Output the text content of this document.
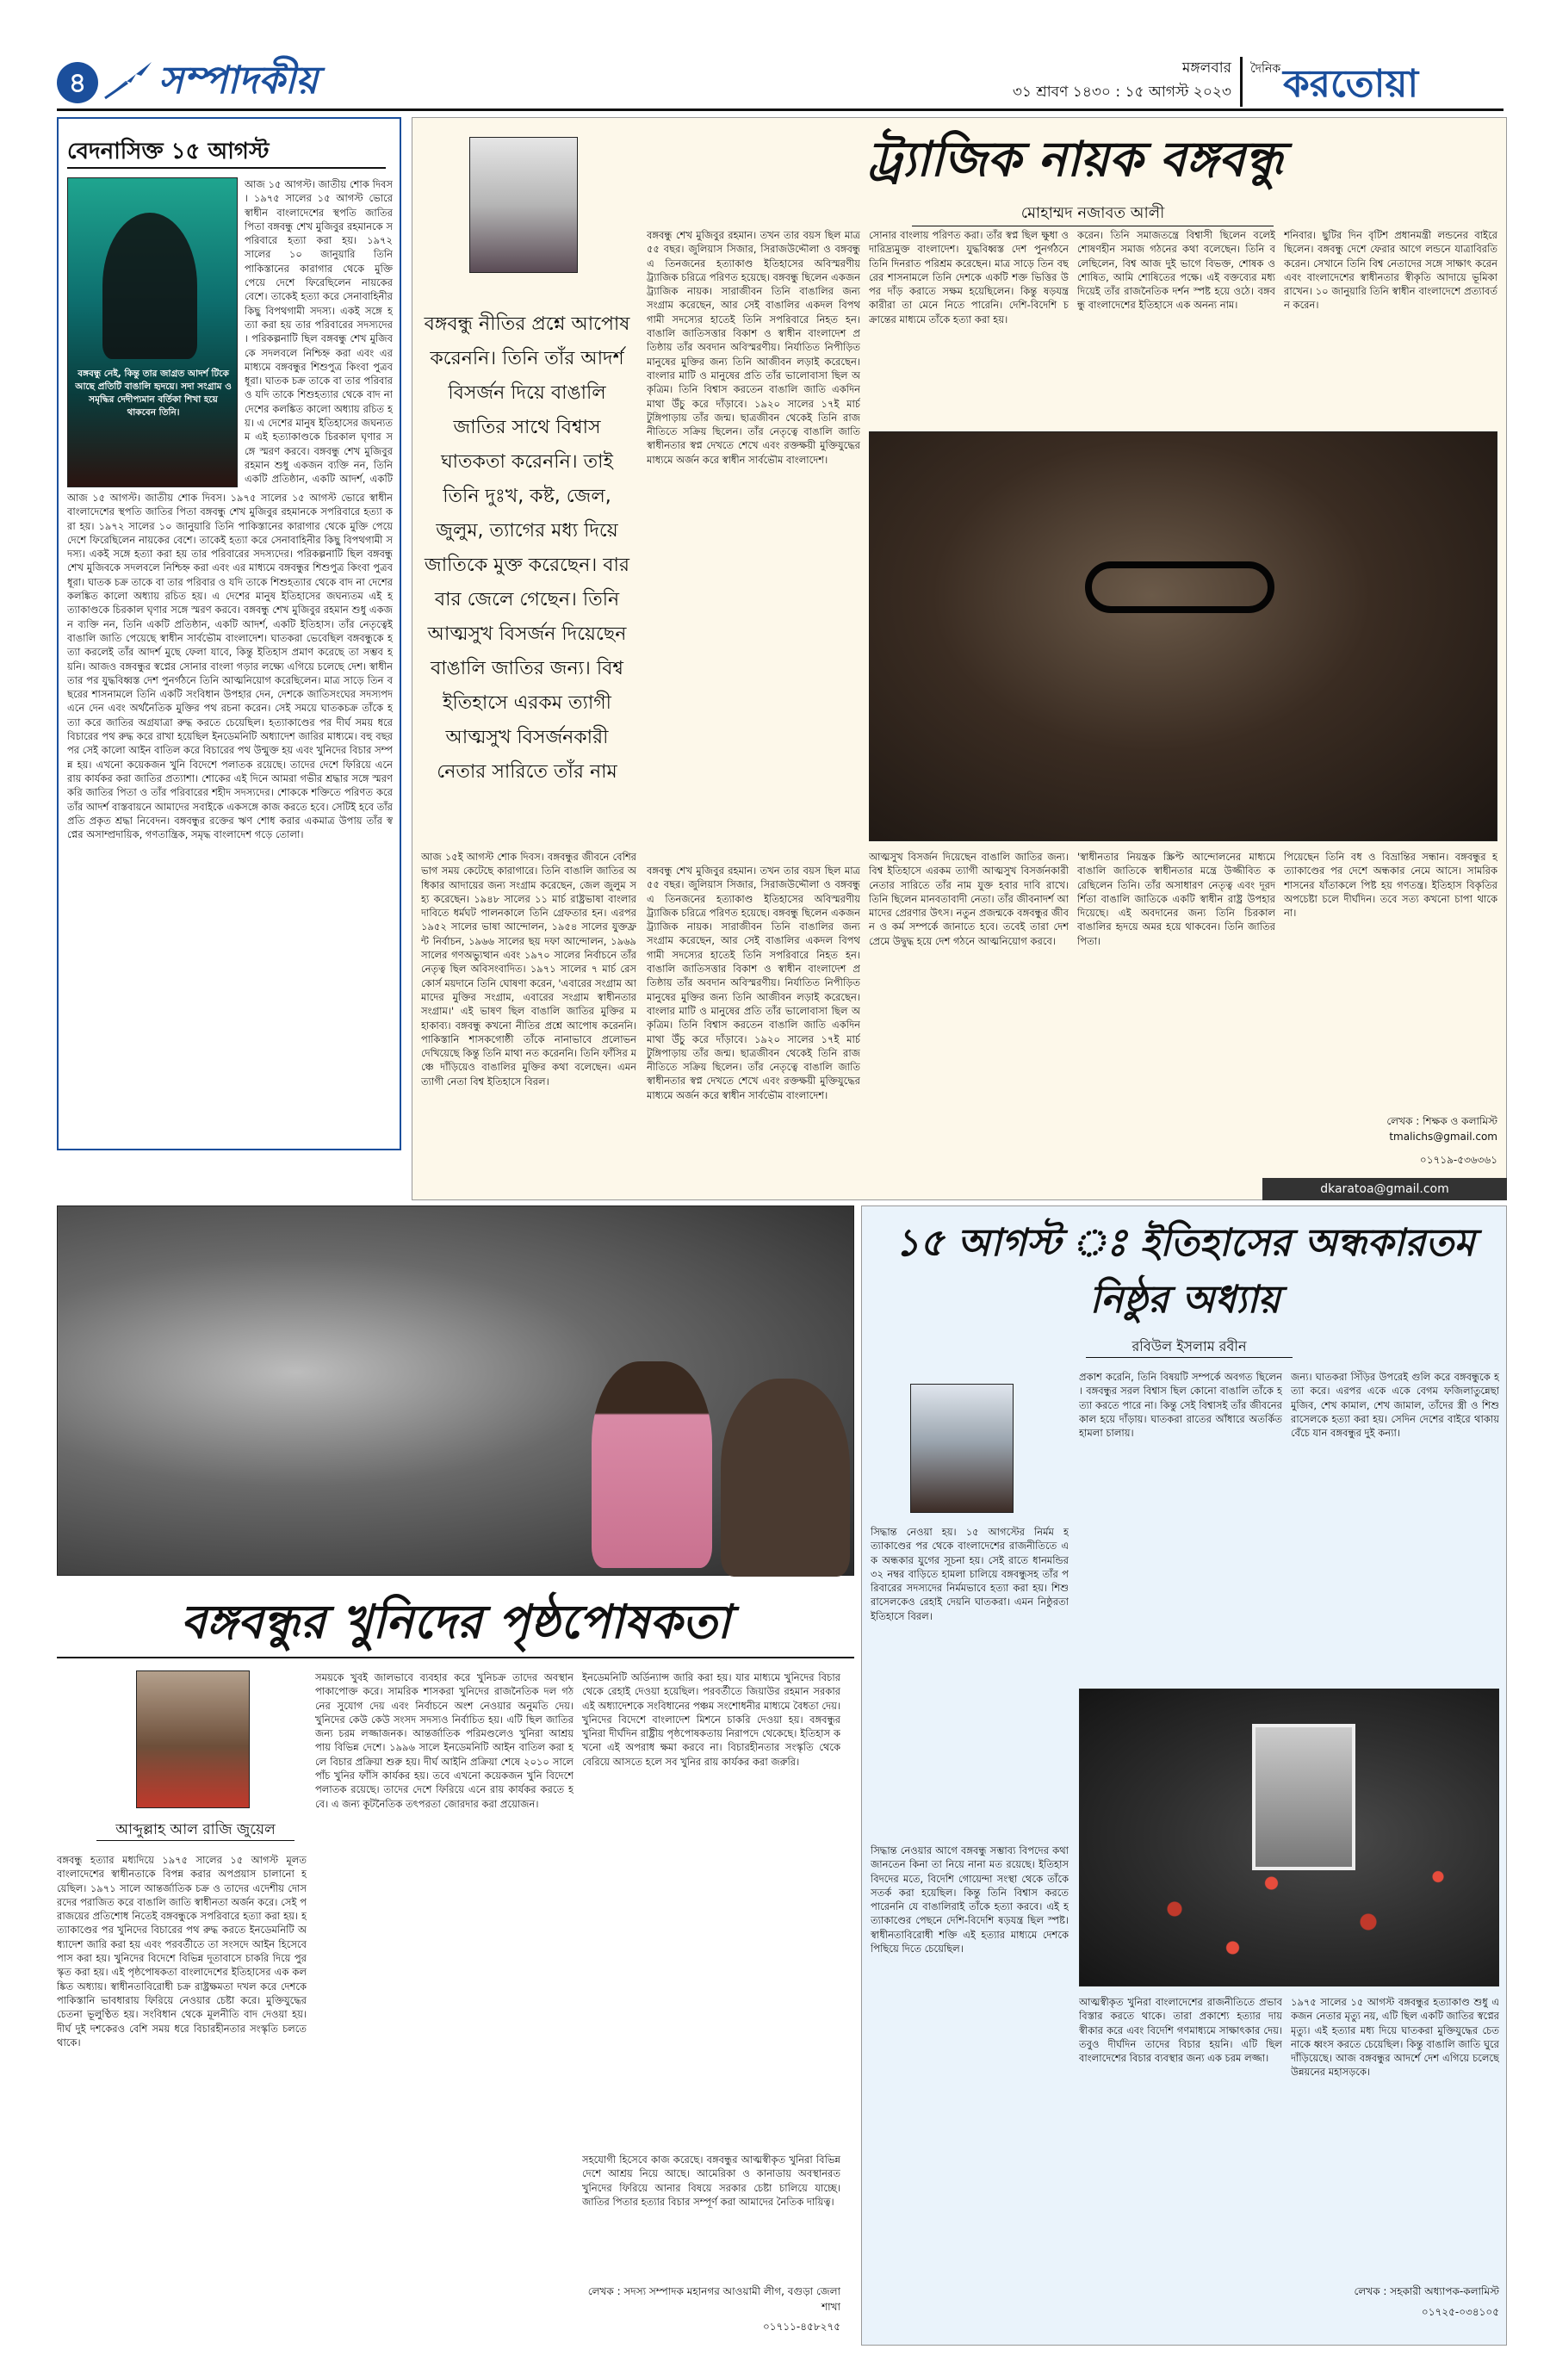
৪	সম্পাদকীয়	মঙ্গলবার
৩১ শ্রাবণ ১৪৩০ : ১৫ আগস্ট ২০২৩
দৈনিক করতোয়া
বেদনাসিক্ত ১৫ আগস্ট
বঙ্গবন্ধু নেই, কিন্তু তার জাগ্রত আদর্শ টিকে আছে প্রতিটি বাঙালি হৃদয়ে। সদা সংগ্রাম ও সমৃদ্ধির দেদীপ্যমান বর্তিকা শিখা হয়ে থাকবেন তিনি।
আজ ১৫ আগস্ট। জাতীয় শোক দিবস। ১৯৭৫ সালের ১৫ আগস্ট ভোরে স্বাধীন বাংলাদেশের স্থপতি জাতির পিতা বঙ্গবন্ধু শেখ মুজিবুর রহমানকে সপরিবারে হত্যা করা হয়। ১৯৭২ সালের ১০ জানুয়ারি তিনি পাকিস্তানের কারাগার থেকে মুক্তি পেয়ে দেশে ফিরেছিলেন নায়কের বেশে। তাকেই হত্যা করে সেনাবাহিনীর কিছু বিপথগামী সদস্য। একই সঙ্গে হত্যা করা হয় তার পরিবারের সদস্যদের। পরিকল্পনাটি ছিল বঙ্গবন্ধু শেখ মুজিবকে সদলবলে নিশ্চিহ্ন করা এবং এর মাধ্যমে বঙ্গবন্ধুর শিশুপুত্র কিংবা পুত্রবধূরা। ঘাতক চক্র তাকে বা তার পরিবার ও যদি তাকে শিশুহত্যার থেকে বাদ না দেশের কলঙ্কিত কালো অধ্যায় রচিত হয়। এ দেশের মানুষ ইতিহাসের জঘন্যতম এই হত্যাকাণ্ডকে চিরকাল ঘৃণার সঙ্গে স্মরণ করবে। বঙ্গবন্ধু শেখ মুজিবুর রহমান শুধু একজন ব্যক্তি নন, তিনি একটি প্রতিষ্ঠান, একটি আদর্শ, একটি
আজ ১৫ আগস্ট। জাতীয় শোক দিবস। ১৯৭৫ সালের ১৫ আগস্ট ভোরে স্বাধীন বাংলাদেশের স্থপতি জাতির পিতা বঙ্গবন্ধু শেখ মুজিবুর রহমানকে সপরিবারে হত্যা করা হয়। ১৯৭২ সালের ১০ জানুয়ারি তিনি পাকিস্তানের কারাগার থেকে মুক্তি পেয়ে দেশে ফিরেছিলেন নায়কের বেশে। তাকেই হত্যা করে সেনাবাহিনীর কিছু বিপথগামী সদস্য। একই সঙ্গে হত্যা করা হয় তার পরিবারের সদস্যদের। পরিকল্পনাটি ছিল বঙ্গবন্ধু শেখ মুজিবকে সদলবলে নিশ্চিহ্ন করা এবং এর মাধ্যমে বঙ্গবন্ধুর শিশুপুত্র কিংবা পুত্রবধূরা। ঘাতক চক্র তাকে বা তার পরিবার ও যদি তাকে শিশুহত্যার থেকে বাদ না দেশের কলঙ্কিত কালো অধ্যায় রচিত হয়। এ দেশের মানুষ ইতিহাসের জঘন্যতম এই হত্যাকাণ্ডকে চিরকাল ঘৃণার সঙ্গে স্মরণ করবে। বঙ্গবন্ধু শেখ মুজিবুর রহমান শুধু একজন ব্যক্তি নন, তিনি একটি প্রতিষ্ঠান, একটি আদর্শ, একটি ইতিহাস। তাঁর নেতৃত্বেই বাঙালি জাতি পেয়েছে স্বাধীন সার্বভৌম বাংলাদেশ। ঘাতকরা ভেবেছিল বঙ্গবন্ধুকে হত্যা করলেই তাঁর আদর্শ মুছে ফেলা যাবে, কিন্তু ইতিহাস প্রমাণ করেছে তা সম্ভব হয়নি। আজও বঙ্গবন্ধুর স্বপ্নের সোনার বাংলা গড়ার লক্ষ্যে এগিয়ে চলেছে দেশ। স্বাধীনতার পর যুদ্ধবিধ্বস্ত দেশ পুনর্গঠনে তিনি আত্মনিয়োগ করেছিলেন। মাত্র সাড়ে তিন বছরের শাসনামলে তিনি একটি সংবিধান উপহার দেন, দেশকে জাতিসংঘের সদস্যপদ এনে দেন এবং অর্থনৈতিক মুক্তির পথ রচনা করেন। সেই সময়ে ঘাতকচক্র তাঁকে হত্যা করে জাতির অগ্রযাত্রা রুদ্ধ করতে চেয়েছিল। হত্যাকাণ্ডের পর দীর্ঘ সময় ধরে বিচারের পথ রুদ্ধ করে রাখা হয়েছিল ইনডেমনিটি অধ্যাদেশ জারির মাধ্যমে। বহু বছর পর সেই কালো আইন বাতিল করে বিচারের পথ উন্মুক্ত হয় এবং খুনিদের বিচার সম্পন্ন হয়। এখনো কয়েকজন খুনি বিদেশে পলাতক রয়েছে। তাদের দেশে ফিরিয়ে এনে রায় কার্যকর করা জাতির প্রত্যাশা। শোকের এই দিনে আমরা গভীর শ্রদ্ধার সঙ্গে স্মরণ করি জাতির পিতা ও তাঁর পরিবারের শহীদ সদস্যদের। শোককে শক্তিতে পরিণত করে তাঁর আদর্শ বাস্তবায়নে আমাদের সবাইকে একসঙ্গে কাজ করতে হবে। সেটিই হবে তাঁর প্রতি প্রকৃত শ্রদ্ধা নিবেদন। বঙ্গবন্ধুর রক্তের ঋণ শোধ করার একমাত্র উপায় তাঁর স্বপ্নের অসাম্প্রদায়িক, গণতান্ত্রিক, সমৃদ্ধ বাংলাদেশ গড়ে তোলা।
বঙ্গবন্ধু নীতির প্রশ্নে আপোষ করেননি। তিনি তাঁর আদর্শ বিসর্জন দিয়ে বাঙালি জাতির সাথে বিশ্বাস ঘাতকতা করেননি। তাই তিনি দুঃখ, কষ্ট, জেল, জুলুম, ত্যাগের মধ্য দিয়ে জাতিকে মুক্ত করেছেন। বার বার জেলে গেছেন। তিনি আত্মসুখ বিসর্জন দিয়েছেন বাঙালি জাতির জন্য। বিশ্ব ইতিহাসে এরকম ত্যাগী আত্মসুখ বিসর্জনকারী নেতার সারিতে তাঁর নাম
ট্র্যাজিক নায়ক বঙ্গবন্ধু
মোহাম্মদ নজাবত আলী
বঙ্গবন্ধু শেখ মুজিবুর রহমান। তখন তার বয়স ছিল মাত্র ৫৫ বছর। জুলিয়াস সিজার, সিরাজউদ্দৌলা ও বঙ্গবন্ধু এ তিনজনের হত্যাকাণ্ড ইতিহাসের অবিস্মরণীয় ট্র্যাজিক চরিত্রে পরিণত হয়েছে। বঙ্গবন্ধু ছিলেন একজন ট্র্যাজিক নায়ক। সারাজীবন তিনি বাঙালির জন্য সংগ্রাম করেছেন, আর সেই বাঙালির একদল বিপথগামী সদস্যের হাতেই তিনি সপরিবারে নিহত হন। বাঙালি জাতিসত্তার বিকাশ ও স্বাধীন বাংলাদেশ প্রতিষ্ঠায় তাঁর অবদান অবিস্মরণীয়। নির্যাতিত নিপীড়িত মানুষের মুক্তির জন্য তিনি আজীবন লড়াই করেছেন। বাংলার মাটি ও মানুষের প্রতি তাঁর ভালোবাসা ছিল অকৃত্রিম। তিনি বিশ্বাস করতেন বাঙালি জাতি একদিন মাথা উঁচু করে দাঁড়াবে। ১৯২০ সালের ১৭ই মার্চ টুঙ্গিপাড়ায় তাঁর জন্ম। ছাত্রজীবন থেকেই তিনি রাজনীতিতে সক্রিয় ছিলেন। তাঁর নেতৃত্বে বাঙালি জাতি স্বাধীনতার স্বপ্ন দেখতে শেখে এবং রক্তক্ষয়ী মুক্তিযুদ্ধের মাধ্যমে অর্জন করে স্বাধীন সার্বভৌম বাংলাদেশ।
সোনার বাংলায় পরিণত করা। তাঁর স্বপ্ন ছিল ক্ষুধা ও দারিদ্র্যমুক্ত বাংলাদেশ। যুদ্ধবিধ্বস্ত দেশ পুনর্গঠনে তিনি দিনরাত পরিশ্রম করেছেন। মাত্র সাড়ে তিন বছরের শাসনামলে তিনি দেশকে একটি শক্ত ভিত্তির উপর দাঁড় করাতে সক্ষম হয়েছিলেন। কিন্তু ষড়যন্ত্রকারীরা তা মেনে নিতে পারেনি। দেশি-বিদেশি চক্রান্তের মাধ্যমে তাঁকে হত্যা করা হয়।
করেন। তিনি সমাজতন্ত্রে বিশ্বাসী ছিলেন বলেই শোষণহীন সমাজ গঠনের কথা বলেছেন। তিনি বলেছিলেন, বিশ্ব আজ দুই ভাগে বিভক্ত, শোষক ও শোষিত, আমি শোষিতের পক্ষে। এই বক্তব্যের মধ্য দিয়েই তাঁর রাজনৈতিক দর্শন স্পষ্ট হয়ে ওঠে। বঙ্গবন্ধু বাংলাদেশের ইতিহাসে এক অনন্য নাম।
শনিবার। ছুটির দিন বৃটিশ প্রধানমন্ত্রী লন্ডনের বাইরে ছিলেন। বঙ্গবন্ধু দেশে ফেরার আগে লন্ডনে যাত্রাবিরতি করেন। সেখানে তিনি বিশ্ব নেতাদের সঙ্গে সাক্ষাৎ করেন এবং বাংলাদেশের স্বাধীনতার স্বীকৃতি আদায়ে ভূমিকা রাখেন। ১০ জানুয়ারি তিনি স্বাধীন বাংলাদেশে প্রত্যাবর্তন করেন।
আজ ১৫ই আগস্ট শোক দিবস। বঙ্গবন্ধুর জীবনে বেশির ভাগ সময় কেটেছে কারাগারে। তিনি বাঙালি জাতির অধিকার আদায়ের জন্য সংগ্রাম করেছেন, জেল জুলুম সহ্য করেছেন। ১৯৪৮ সালের ১১ মার্চ রাষ্ট্রভাষা বাংলার দাবিতে ধর্মঘট পালনকালে তিনি গ্রেফতার হন। এরপর ১৯৫২ সালের ভাষা আন্দোলন, ১৯৫৪ সালের যুক্তফ্রন্ট নির্বাচন, ১৯৬৬ সালের ছয় দফা আন্দোলন, ১৯৬৯ সালের গণঅভ্যুত্থান এবং ১৯৭০ সালের নির্বাচনে তাঁর নেতৃত্ব ছিল অবিসংবাদিত। ১৯৭১ সালের ৭ মার্চ রেসকোর্স ময়দানে তিনি ঘোষণা করেন, 'এবারের সংগ্রাম আমাদের মুক্তির সংগ্রাম, এবারের সংগ্রাম স্বাধীনতার সংগ্রাম।' এই ভাষণ ছিল বাঙালি জাতির মুক্তির মহাকাব্য। বঙ্গবন্ধু কখনো নীতির প্রশ্নে আপোষ করেননি। পাকিস্তানি শাসকগোষ্ঠী তাঁকে নানাভাবে প্রলোভন দেখিয়েছে কিন্তু তিনি মাথা নত করেননি। তিনি ফাঁসির মঞ্চে দাঁড়িয়েও বাঙালির মুক্তির কথা বলেছেন। এমন ত্যাগী নেতা বিশ্ব ইতিহাসে বিরল।
বঙ্গবন্ধু শেখ মুজিবুর রহমান। তখন তার বয়স ছিল মাত্র ৫৫ বছর। জুলিয়াস সিজার, সিরাজউদ্দৌলা ও বঙ্গবন্ধু এ তিনজনের হত্যাকাণ্ড ইতিহাসের অবিস্মরণীয় ট্র্যাজিক চরিত্রে পরিণত হয়েছে। বঙ্গবন্ধু ছিলেন একজন ট্র্যাজিক নায়ক। সারাজীবন তিনি বাঙালির জন্য সংগ্রাম করেছেন, আর সেই বাঙালির একদল বিপথগামী সদস্যের হাতেই তিনি সপরিবারে নিহত হন। বাঙালি জাতিসত্তার বিকাশ ও স্বাধীন বাংলাদেশ প্রতিষ্ঠায় তাঁর অবদান অবিস্মরণীয়। নির্যাতিত নিপীড়িত মানুষের মুক্তির জন্য তিনি আজীবন লড়াই করেছেন। বাংলার মাটি ও মানুষের প্রতি তাঁর ভালোবাসা ছিল অকৃত্রিম। তিনি বিশ্বাস করতেন বাঙালি জাতি একদিন মাথা উঁচু করে দাঁড়াবে। ১৯২০ সালের ১৭ই মার্চ টুঙ্গিপাড়ায় তাঁর জন্ম। ছাত্রজীবন থেকেই তিনি রাজনীতিতে সক্রিয় ছিলেন। তাঁর নেতৃত্বে বাঙালি জাতি স্বাধীনতার স্বপ্ন দেখতে শেখে এবং রক্তক্ষয়ী মুক্তিযুদ্ধের মাধ্যমে অর্জন করে স্বাধীন সার্বভৌম বাংলাদেশ।
আত্মসুখ বিসর্জন দিয়েছেন বাঙালি জাতির জন্য। বিশ্ব ইতিহাসে এরকম ত্যাগী আত্মসুখ বিসর্জনকারী নেতার সারিতে তাঁর নাম যুক্ত হবার দাবি রাখে। তিনি ছিলেন মানবতাবাদী নেতা। তাঁর জীবনাদর্শ আমাদের প্রেরণার উৎস। নতুন প্রজন্মকে বঙ্গবন্ধুর জীবন ও কর্ম সম্পর্কে জানাতে হবে। তবেই তারা দেশপ্রেমে উদ্বুদ্ধ হয়ে দেশ গঠনে আত্মনিয়োগ করবে।
'স্বাধীনতার নিয়ন্ত্রক স্ক্রিপ্ট আন্দোলনের মাধ্যমে বাঙালি জাতিকে স্বাধীনতার মন্ত্রে উজ্জীবিত করেছিলেন তিনি। তাঁর অসাধারণ নেতৃত্ব এবং দূরদর্শিতা বাঙালি জাতিকে একটি স্বাধীন রাষ্ট্র উপহার দিয়েছে। এই অবদানের জন্য তিনি চিরকাল বাঙালির হৃদয়ে অমর হয়ে থাকবেন। তিনি জাতির পিতা।
পিয়েছেন তিনি বধ ও বিভ্রান্তির সন্ধান। বঙ্গবন্ধুর হত্যাকাণ্ডের পর দেশে অন্ধকার নেমে আসে। সামরিক শাসনের যাঁতাকলে পিষ্ট হয় গণতন্ত্র। ইতিহাস বিকৃতির অপচেষ্টা চলে দীর্ঘদিন। তবে সত্য কখনো চাপা থাকে না।
লেখক : শিক্ষক ও কলামিস্ট tmalichs@gmail.com
০১৭১৯-৫৩৬৩৬১
dkaratoa@gmail.com
বঙ্গবন্ধুর খুনিদের পৃষ্ঠপোষকতা
আব্দুল্লাহ আল রাজি জুয়েল
বঙ্গবন্ধু হত্যার মধ্যদিয়ে ১৯৭৫ সালের ১৫ আগস্ট মূলত বাংলাদেশের স্বাধীনতাকে বিপন্ন করার অপপ্রয়াস চালানো হয়েছিল। ১৯৭১ সালে আন্তর্জাতিক চক্র ও তাদের এদেশীয় দোসরদের পরাজিত করে বাঙালি জাতি স্বাধীনতা অর্জন করে। সেই পরাজয়ের প্রতিশোধ নিতেই বঙ্গবন্ধুকে সপরিবারে হত্যা করা হয়। হত্যাকাণ্ডের পর খুনিদের বিচারের পথ রুদ্ধ করতে ইনডেমনিটি অধ্যাদেশ জারি করা হয় এবং পরবর্তীতে তা সংসদে আইন হিসেবে পাস করা হয়। খুনিদের বিদেশে বিভিন্ন দূতাবাসে চাকরি দিয়ে পুরস্কৃত করা হয়। এই পৃষ্ঠপোষকতা বাংলাদেশের ইতিহাসের এক কলঙ্কিত অধ্যায়। স্বাধীনতাবিরোধী চক্র রাষ্ট্রক্ষমতা দখল করে দেশকে পাকিস্তানি ভাবধারায় ফিরিয়ে নেওয়ার চেষ্টা করে। মুক্তিযুদ্ধের চেতনা ভূলুণ্ঠিত হয়। সংবিধান থেকে মূলনীতি বাদ দেওয়া হয়। দীর্ঘ দুই দশকেরও বেশি সময় ধরে বিচারহীনতার সংস্কৃতি চলতে থাকে।
সময়কে খুবই জালভাবে ব্যবহার করে খুনিচক্র তাদের অবস্থান পাকাপোক্ত করে। সামরিক শাসকরা খুনিদের রাজনৈতিক দল গঠনের সুযোগ দেয় এবং নির্বাচনে অংশ নেওয়ার অনুমতি দেয়। খুনিদের কেউ কেউ সংসদ সদস্যও নির্বাচিত হয়। এটি ছিল জাতির জন্য চরম লজ্জাজনক। আন্তর্জাতিক পরিমণ্ডলেও খুনিরা আশ্রয় পায় বিভিন্ন দেশে। ১৯৯৬ সালে ইনডেমনিটি আইন বাতিল করা হলে বিচার প্রক্রিয়া শুরু হয়। দীর্ঘ আইনি প্রক্রিয়া শেষে ২০১০ সালে পাঁচ খুনির ফাঁসি কার্যকর হয়। তবে এখনো কয়েকজন খুনি বিদেশে পলাতক রয়েছে। তাদের দেশে ফিরিয়ে এনে রায় কার্যকর করতে হবে। এ জন্য কূটনৈতিক তৎপরতা জোরদার করা প্রয়োজন।
ইনডেমনিটি অর্ডিন্যান্স জারি করা হয়। যার মাধ্যমে খুনিদের বিচার থেকে রেহাই দেওয়া হয়েছিল। পরবর্তীতে জিয়াউর রহমান সরকার এই অধ্যাদেশকে সংবিধানের পঞ্চম সংশোধনীর মাধ্যমে বৈধতা দেয়। খুনিদের বিদেশে বাংলাদেশ মিশনে চাকরি দেওয়া হয়। বঙ্গবন্ধুর খুনিরা দীর্ঘদিন রাষ্ট্রীয় পৃষ্ঠপোষকতায় নিরাপদে থেকেছে। ইতিহাস কখনো এই অপরাধ ক্ষমা করবে না। বিচারহীনতার সংস্কৃতি থেকে বেরিয়ে আসতে হলে সব খুনির রায় কার্যকর করা জরুরি।
সহযোগী হিসেবে কাজ করেছে। বঙ্গবন্ধুর আত্মস্বীকৃত খুনিরা বিভিন্ন দেশে আশ্রয় নিয়ে আছে। আমেরিকা ও কানাডায় অবস্থানরত খুনিদের ফিরিয়ে আনার বিষয়ে সরকার চেষ্টা চালিয়ে যাচ্ছে। জাতির পিতার হত্যার বিচার সম্পূর্ণ করা আমাদের নৈতিক দায়িত্ব।
লেখক : সদস্য সম্পাদক মহানগর আওয়ামী লীগ, বগুড়া জেলা শাখা
০১৭১১-৪৫৮২৭৫
১৫ আগস্ট ঃ ইতিহাসের অন্ধকারতম
নিষ্ঠুর অধ্যায়
রবিউল ইসলাম রবীন
সিদ্ধান্ত নেওয়া হয়। ১৫ আগস্টের নির্মম হত্যাকাণ্ডের পর থেকে বাংলাদেশের রাজনীতিতে এক অন্ধকার যুগের সূচনা হয়। সেই রাতে ধানমন্ডির ৩২ নম্বর বাড়িতে হামলা চালিয়ে বঙ্গবন্ধুসহ তাঁর পরিবারের সদস্যদের নির্মমভাবে হত্যা করা হয়। শিশু রাসেলকেও রেহাই দেয়নি ঘাতকরা। এমন নিষ্ঠুরতা ইতিহাসে বিরল।
প্রকাশ করেনি, তিনি বিষয়টি সম্পর্কে অবগত ছিলেন। বঙ্গবন্ধুর সরল বিশ্বাস ছিল কোনো বাঙালি তাঁকে হত্যা করতে পারে না। কিন্তু সেই বিশ্বাসই তাঁর জীবনের কাল হয়ে দাঁড়ায়। ঘাতকরা রাতের আঁধারে অতর্কিত হামলা চালায়।
জন্য। ঘাতকরা সিঁড়ির উপরেই গুলি করে বঙ্গবন্ধুকে হত্যা করে। এরপর একে একে বেগম ফজিলাতুন্নেছা মুজিব, শেখ কামাল, শেখ জামাল, তাঁদের স্ত্রী ও শিশু রাসেলকে হত্যা করা হয়। সেদিন দেশের বাইরে থাকায় বেঁচে যান বঙ্গবন্ধুর দুই কন্যা।
সিদ্ধান্ত নেওয়ার আগে বঙ্গবন্ধু সম্ভাব্য বিপদের কথা জানতেন কিনা তা নিয়ে নানা মত রয়েছে। ইতিহাসবিদদের মতে, বিদেশি গোয়েন্দা সংস্থা থেকে তাঁকে সতর্ক করা হয়েছিল। কিন্তু তিনি বিশ্বাস করতে পারেননি যে বাঙালিরাই তাঁকে হত্যা করবে। এই হত্যাকাণ্ডের পেছনে দেশি-বিদেশি ষড়যন্ত্র ছিল স্পষ্ট। স্বাধীনতাবিরোধী শক্তি এই হত্যার মাধ্যমে দেশকে পিছিয়ে দিতে চেয়েছিল।
আত্মস্বীকৃত খুনিরা বাংলাদেশের রাজনীতিতে প্রভাব বিস্তার করতে থাকে। তারা প্রকাশ্যে হত্যার দায় স্বীকার করে এবং বিদেশি গণমাধ্যমে সাক্ষাৎকার দেয়। তবুও দীর্ঘদিন তাদের বিচার হয়নি। এটি ছিল বাংলাদেশের বিচার ব্যবস্থার জন্য এক চরম লজ্জা।
১৯৭৫ সালের ১৫ আগস্ট বঙ্গবন্ধুর হত্যাকাণ্ড শুধু একজন নেতার মৃত্যু নয়, এটি ছিল একটি জাতির স্বপ্নের মৃত্যু। এই হত্যার মধ্য দিয়ে ঘাতকরা মুক্তিযুদ্ধের চেতনাকে ধ্বংস করতে চেয়েছিল। কিন্তু বাঙালি জাতি ঘুরে দাঁড়িয়েছে। আজ বঙ্গবন্ধুর আদর্শে দেশ এগিয়ে চলেছে উন্নয়নের মহাসড়কে।
লেখক : সহকারী অধ্যাপক-কলামিস্ট
০১৭২৫-০৩৪১০৫
